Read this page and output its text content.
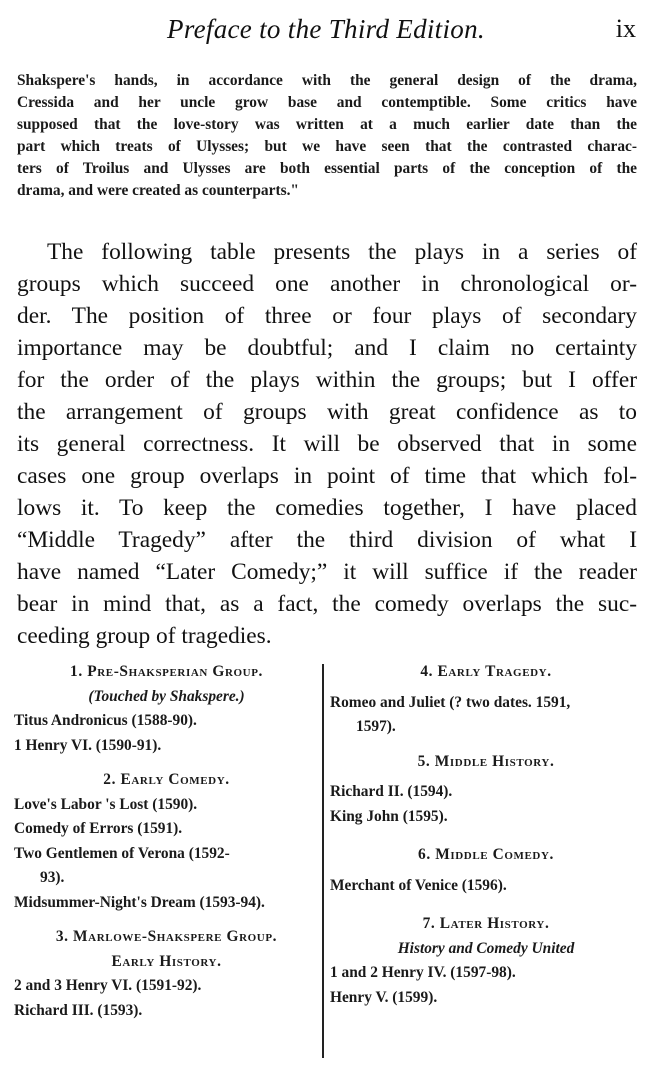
Preface to the Third Edition.	ix
Shakspere's hands, in accordance with the general design of the drama,
Cressida and her uncle grow base and contemptible. Some critics have
supposed that the love-story was written at a much earlier date than the
part which treats of Ulysses; but we have seen that the contrasted charac-
ters of Troilus and Ulysses are both essential parts of the conception of the
drama, and were created as counterparts."
The following table presents the plays in a series of
groups which succeed one another in chronological or-
der. The position of three or four plays of secondary
importance may be doubtful; and I claim no certainty
for the order of the plays within the groups; but I offer
the arrangement of groups with great confidence as to
its general correctness. It will be observed that in some
cases one group overlaps in point of time that which fol-
lows it. To keep the comedies together, I have placed
“Middle Tragedy” after the third division of what I
have named “Later Comedy;” it will suffice if the reader
bear in mind that, as a fact, the comedy overlaps the suc-
ceeding group of tragedies.
1. Pre-Shaksperian Group.
(Touched by Shakspere.)
Titus Andronicus (1588-90).
1 Henry VI. (1590-91).
2. Early Comedy.
Love's Labor 's Lost (1590).
Comedy of Errors (1591).
Two Gentlemen of Verona (1592-
93).
Midsummer-Night's Dream (1593-94).
3. Marlowe-Shakspere Group.
Early History.
2 and 3 Henry VI. (1591-92).
Richard III. (1593).
4. Early Tragedy.
Romeo and Juliet (? two dates. 1591,
1597).
5. Middle History.
Richard II. (1594).
King John (1595).
6. Middle Comedy.
Merchant of Venice (1596).
7. Later History.
History and Comedy United
1 and 2 Henry IV. (1597-98).
Henry V. (1599).
